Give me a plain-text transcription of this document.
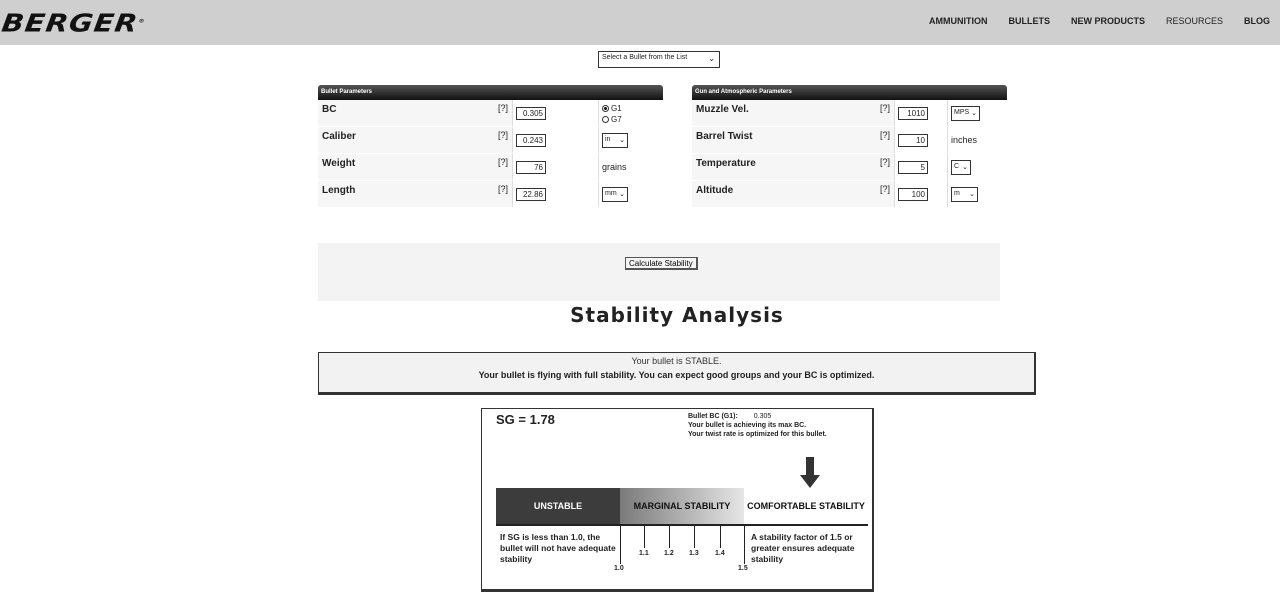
BERGER®	AMMUNITION BULLETS NEW PRODUCTS RESOURCES BLOG
Select a Bullet from the List	⌄
Bullet Parameters
BC	[?]	0.305
G1
G7
Caliber	[?]	0.243	in ⌄
Weight	[?]	76	grains
Length	[?]	22.86	mm ⌄
Gun and Atmospheric Parameters
Muzzle Vel.	[?]	1010	MPS ⌄
Barrel Twist	[?]	10	inches
Temperature	[?]	5	C ⌄
Altitude	[?]	100	m ⌄
Calculate Stability
Stability Analysis
Your bullet is STABLE.
Your bullet is flying with full stability. You can expect good groups and your BC is optimized.
SG = 1.78	Bullet BC (G1): 0.305
Your bullet is achieving its max BC.
Your twist rate is optimized for this bullet.
UNSTABLE	MARGINAL STABILITY	COMFORTABLE STABILITY
If SG is less than 1.0, the bullet will not have adequate stability
A stability factor of 1.5 or greater ensures adequate stability
1.0
1.1 1.2 1.3 1.4
1.5
